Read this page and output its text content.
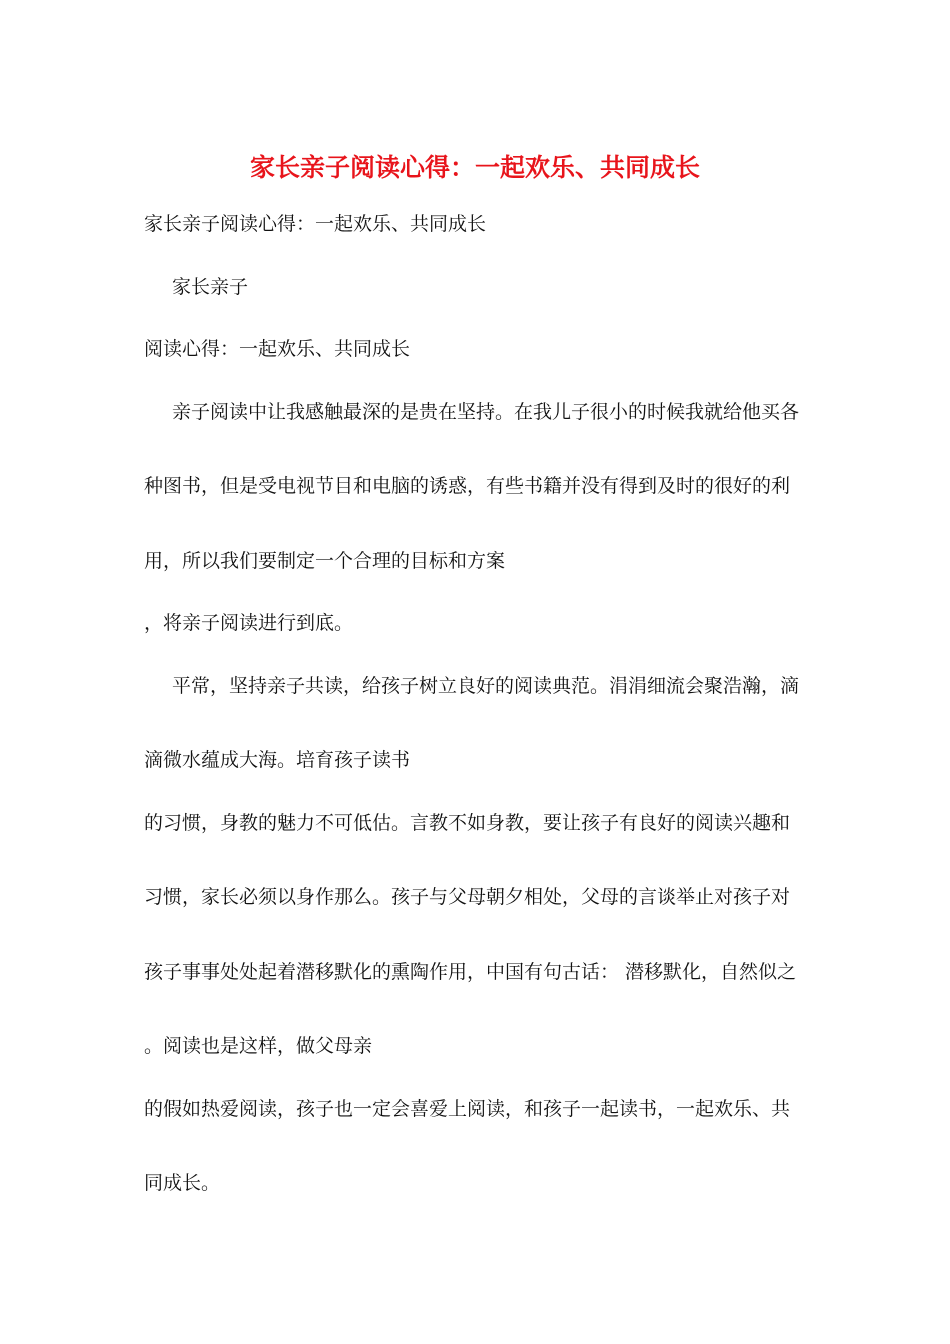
家长亲子阅读心得：一起欢乐、共同成长
家长亲子阅读心得：一起欢乐、共同成长
家长亲子
阅读心得：一起欢乐、共同成长
亲子阅读中让我感触最深的是贵在坚持。在我儿子很小的时候我就给他买各
种图书，但是受电视节目和电脑的诱惑，有些书籍并没有得到及时的很好的利
用，所以我们要制定一个合理的目标和方案
，将亲子阅读进行到底。
平常，坚持亲子共读，给孩子树立良好的阅读典范。涓涓细流会聚浩瀚，滴
滴微水蕴成大海。培育孩子读书
的习惯，身教的魅力不可低估。言教不如身教，要让孩子有良好的阅读兴趣和
习惯，家长必须以身作那么。孩子与父母朝夕相处，父母的言谈举止对孩子对
孩子事事处处起着潜移默化的熏陶作用，中国有句古话： 潜移默化，自然似之
。阅读也是这样，做父母亲
的假如热爱阅读，孩子也一定会喜爱上阅读，和孩子一起读书，一起欢乐、共
同成长。
